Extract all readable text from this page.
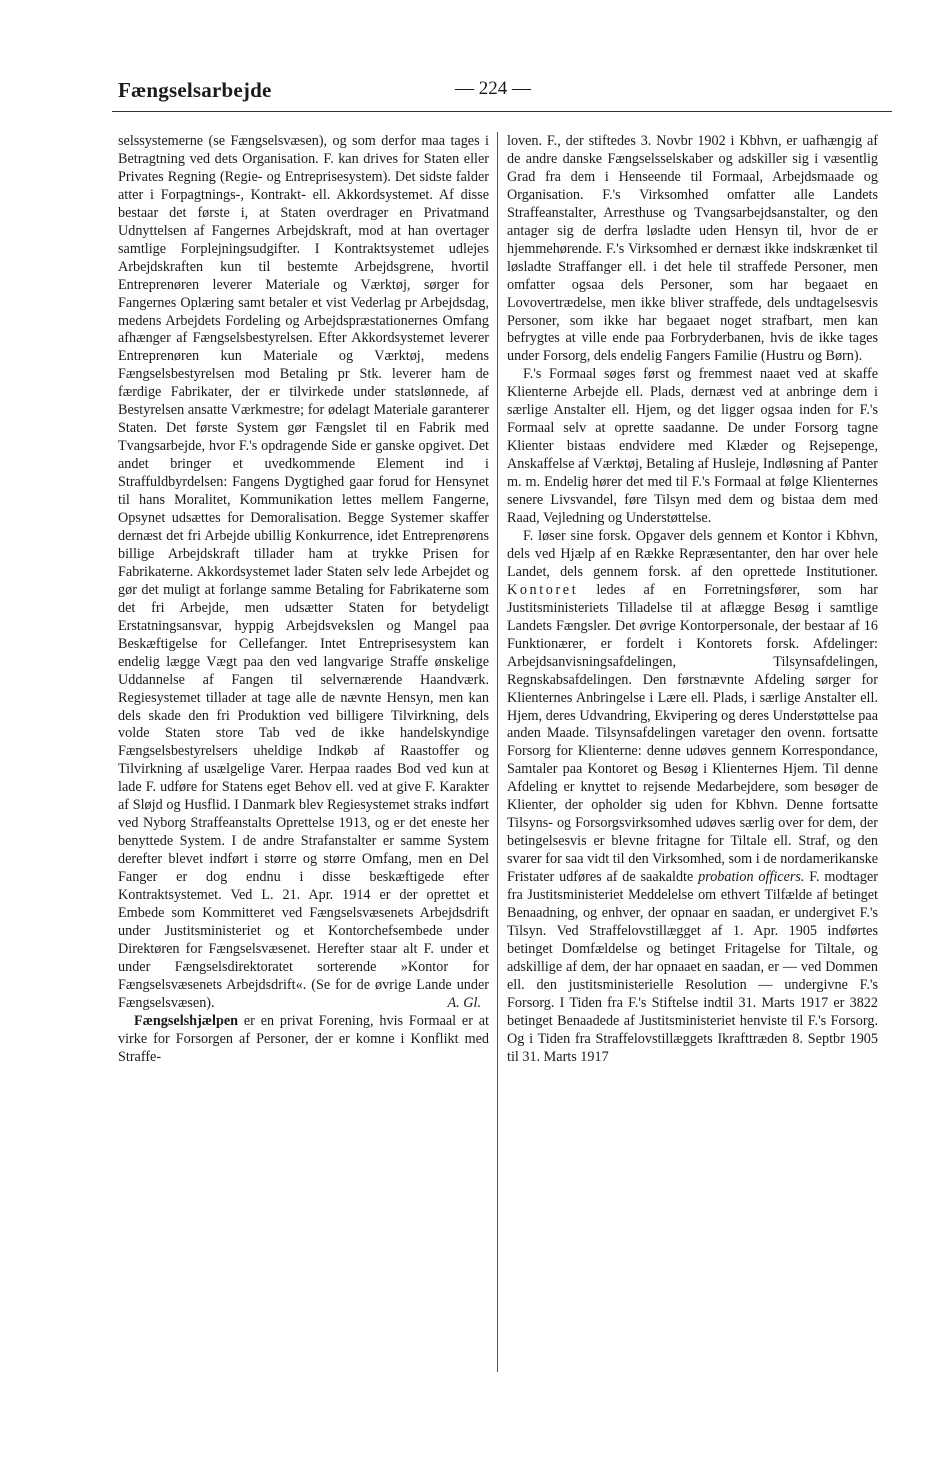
Fængselsarbejde	— 224 —

selssystemerne (se Fængselsvæsen), og som derfor maa tages i Betragtning ved dets Organisation. F. kan drives for Staten eller Privates Regning (Regie- og Entreprisesystem). Det sidste falder atter i Forpagtnings-, Kontrakt- ell. Akkordsystemet. Af disse bestaar det første i, at Staten overdrager en Privatmand Udnyttelsen af Fangernes Arbejdskraft, mod at han overtager samtlige Forplejningsudgifter. I Kontraktsystemet udlejes Arbejdskraften kun til bestemte Arbejdsgrene, hvortil Entreprenøren leverer Materiale og Værktøj, sørger for Fangernes Oplæring samt betaler et vist Vederlag pr Arbejdsdag, medens Arbejdets Fordeling og Arbejdspræstationernes Omfang afhænger af Fængselsbestyrelsen. Efter Akkordsystemet leverer Entreprenøren kun Materiale og Værktøj, medens Fængselsbestyrelsen mod Betaling pr Stk. leverer ham de færdige Fabrikater, der er tilvirkede under statslønnede, af Bestyrelsen ansatte Værkmestre; for ødelagt Materiale garanterer Staten. Det første System gør Fængslet til en Fabrik med Tvangsarbejde, hvor F.'s opdragende Side er ganske opgivet. Det andet bringer et uvedkommende Element ind i Straffuldbyrdelsen: Fangens Dygtighed gaar forud for Hensynet til hans Moralitet, Kommunikation lettes mellem Fangerne, Opsynet udsættes for Demoralisation. Begge Systemer skaffer dernæst det fri Arbejde ubillig Konkurrence, idet Entreprenørens billige Arbejdskraft tillader ham at trykke Prisen for Fabrikaterne. Akkordsystemet lader Staten selv lede Arbejdet og gør det muligt at forlange samme Betaling for Fabrikaterne som det fri Arbejde, men udsætter Staten for betydeligt Erstatningsansvar, hyppig Arbejdsvekslen og Mangel paa Beskæftigelse for Cellefanger. Intet Entreprisesystem kan endelig lægge Vægt paa den ved langvarige Straffe ønskelige Uddannelse af Fangen til selvernærende Haandværk. Regiesystemet tillader at tage alle de nævnte Hensyn, men kan dels skade den fri Produktion ved billigere Tilvirkning, dels volde Staten store Tab ved de ikke handelskyndige Fængselsbestyrelsers uheldige Indkøb af Raastoffer og Tilvirkning af usælgelige Varer. Herpaa raades Bod ved kun at lade F. udføre for Statens eget Behov ell. ved at give F. Karakter af Sløjd og Husflid. I Danmark blev Regiesystemet straks indført ved Nyborg Straffeanstalts Oprettelse 1913, og er det eneste her benyttede System. I de andre Strafanstalter er samme System derefter blevet indført i større og større Omfang, men en Del Fanger er dog endnu i disse beskæftigede efter Kontraktsystemet. Ved L. 21. Apr. 1914 er der oprettet et Embede som Kommitteret ved Fængselsvæsenets Arbejdsdrift under Justitsministeriet og et Kontorchefsembede under Direktøren for Fængselsvæsenet. Herefter staar alt F. under et under Fængselsdirektoratet sorterende »Kontor for Fængselsvæsenets Arbejdsdrift«. (Se for de øvrige Lande under Fængselsvæsen).	A. Gl.

Fængselshjælpen er en privat Forening, hvis Formaal er at virke for Forsorgen af Personer, der er komne i Konflikt med Straffe-

loven. F., der stiftedes 3. Novbr 1902 i Kbhvn, er uafhængig af de andre danske Fængselsselskaber og adskiller sig i væsentlig Grad fra dem i Henseende til Formaal, Arbejdsmaade og Organisation. F.'s Virksomhed omfatter alle Landets Straffeanstalter, Arresthuse og Tvangsarbejdsanstalter, og den antager sig de derfra løsladte uden Hensyn til, hvor de er hjemmehørende. F.'s Virksomhed er dernæst ikke indskrænket til løsladte Straffanger ell. i det hele til straffede Personer, men omfatter ogsaa dels Personer, som har begaaet en Lovovertrædelse, men ikke bliver straffede, dels undtagelsesvis Personer, som ikke har begaaet noget strafbart, men kan befrygtes at ville ende paa Forbryderbanen, hvis de ikke tages under Forsorg, dels endelig Fangers Familie (Hustru og Børn).

F.'s Formaal søges først og fremmest naaet ved at skaffe Klienterne Arbejde ell. Plads, dernæst ved at anbringe dem i særlige Anstalter ell. Hjem, og det ligger ogsaa inden for F.'s Formaal selv at oprette saadanne. De under Forsorg tagne Klienter bistaas endvidere med Klæder og Rejsepenge, Anskaffelse af Værktøj, Betaling af Husleje, Indløsning af Panter m. m. Endelig hører det med til F.'s Formaal at følge Klienternes senere Livsvandel, føre Tilsyn med dem og bistaa dem med Raad, Vejledning og Understøttelse.

F. løser sine forsk. Opgaver dels gennem et Kontor i Kbhvn, dels ved Hjælp af en Række Repræsentanter, den har over hele Landet, dels gennem forsk. af den oprettede Institutioner. Kontoret ledes af en Forretningsfører, som har Justitsministeriets Tilladelse til at aflægge Besøg i samtlige Landets Fængsler. Det øvrige Kontorpersonale, der bestaar af 16 Funktionærer, er fordelt i Kontorets forsk. Afdelinger: Arbejdsanvisningsafdelingen, Tilsynsafdelingen, Regnskabsafdelingen. Den førstnævnte Afdeling sørger for Klienternes Anbringelse i Lære ell. Plads, i særlige Anstalter ell. Hjem, deres Udvandring, Ekvipering og deres Understøttelse paa anden Maade. Tilsynsafdelingen varetager den ovenn. fortsatte Forsorg for Klienterne: denne udøves gennem Korrespondance, Samtaler paa Kontoret og Besøg i Klienternes Hjem. Til denne Afdeling er knyttet to rejsende Medarbejdere, som besøger de Klienter, der opholder sig uden for Kbhvn. Denne fortsatte Tilsyns- og Forsorgsvirksomhed udøves særlig over for dem, der betingelsesvis er blevne fritagne for Tiltale ell. Straf, og den svarer for saa vidt til den Virksomhed, som i de nordamerikanske Fristater udføres af de saakaldte probation officers. F. modtager fra Justitsministeriet Meddelelse om ethvert Tilfælde af betinget Benaadning, og enhver, der opnaar en saadan, er undergivet F.'s Tilsyn. Ved Straffelovstillægget af 1. Apr. 1905 indførtes betinget Domfældelse og betinget Fritagelse for Tiltale, og adskillige af dem, der har opnaaet en saadan, er — ved Dommen ell. den justitsministerielle Resolution — undergivne F.'s Forsorg. I Tiden fra F.'s Stiftelse indtil 31. Marts 1917 er 3822 betinget Benaadede af Justitsministeriet henviste til F.'s Forsorg. Og i Tiden fra Straffelovstillæggets Ikrafttræden 8. Septbr 1905 til 31. Marts 1917
